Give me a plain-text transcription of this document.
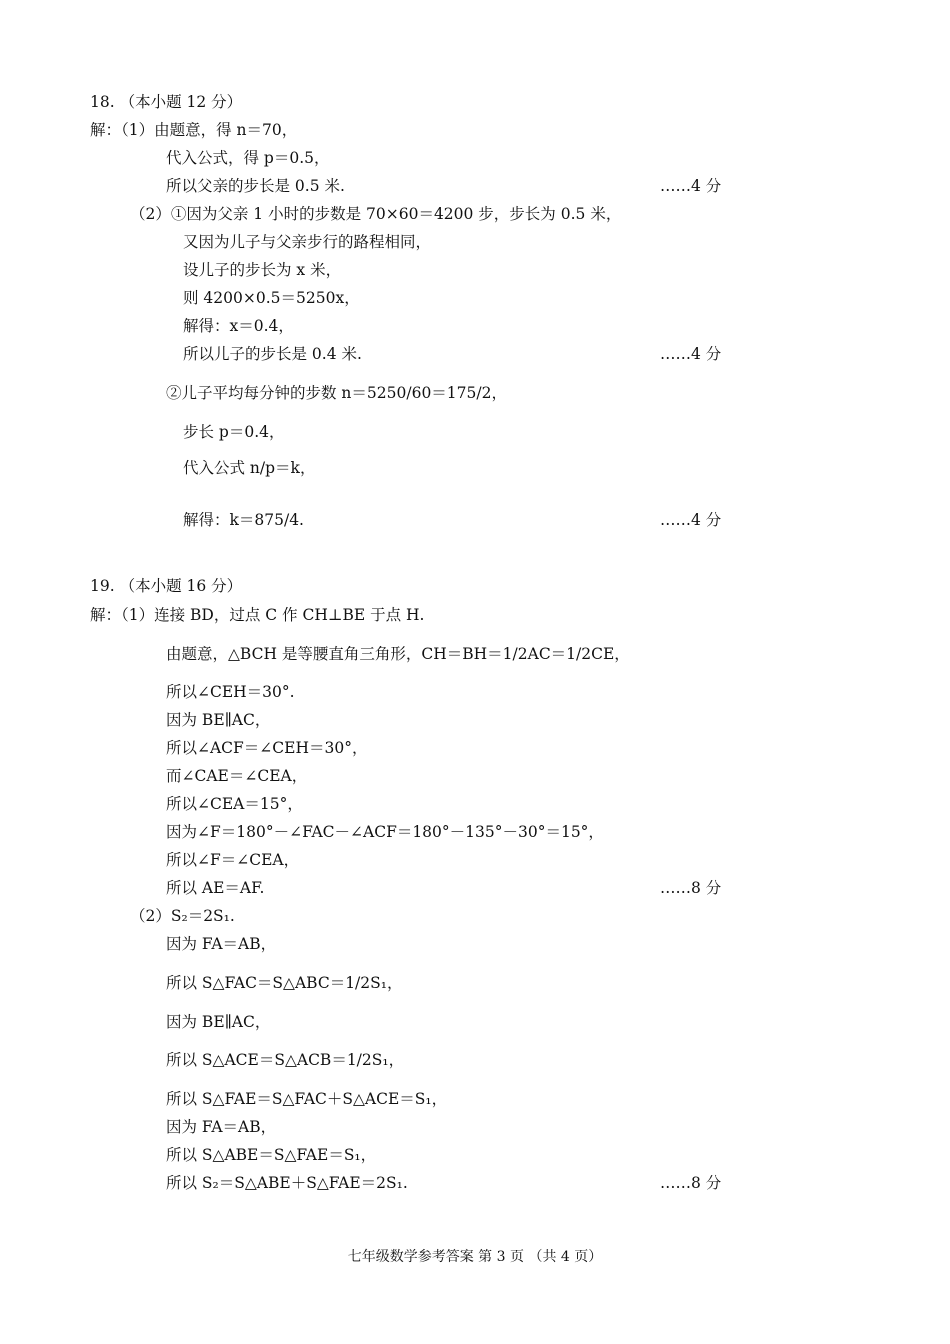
18. （本小题 12 分）
解：（1）由题意，得 n＝70，
代入公式，得 p＝0.5，
所以父亲的步长是 0.5 米.	……4 分
（2）①因为父亲 1 小时的步数是 70×60＝4200 步，步长为 0.5 米，
又因为儿子与父亲步行的路程相同，
设儿子的步长为 x 米，
则 4200×0.5＝5250x，
解得：x＝0.4，
所以儿子的步长是 0.4 米.	……4 分
②儿子平均每分钟的步数 n＝5250/60＝175/2，
步长 p＝0.4，
代入公式 n/p＝k，
解得：k＝875/4.	……4 分
19. （本小题 16 分）
解：（1）连接 BD，过点 C 作 CH⊥BE 于点 H.
由题意，△BCH 是等腰直角三角形，CH＝BH＝1/2AC＝1/2CE，
所以∠CEH＝30°.
因为 BE∥AC，
所以∠ACF＝∠CEH＝30°，
而∠CAE＝∠CEA，
所以∠CEA＝15°，
因为∠F＝180°－∠FAC－∠ACF＝180°－135°－30°＝15°，
所以∠F＝∠CEA，
所以 AE＝AF.	……8 分
（2）S₂＝2S₁.
因为 FA＝AB，
所以 S△FAC＝S△ABC＝1/2S₁，
因为 BE∥AC，
所以 S△ACE＝S△ACB＝1/2S₁，
所以 S△FAE＝S△FAC＋S△ACE＝S₁，
因为 FA＝AB，
所以 S△ABE＝S△FAE＝S₁，
所以 S₂＝S△ABE＋S△FAE＝2S₁.	……8 分
七年级数学参考答案 第 3 页 （共 4 页）
